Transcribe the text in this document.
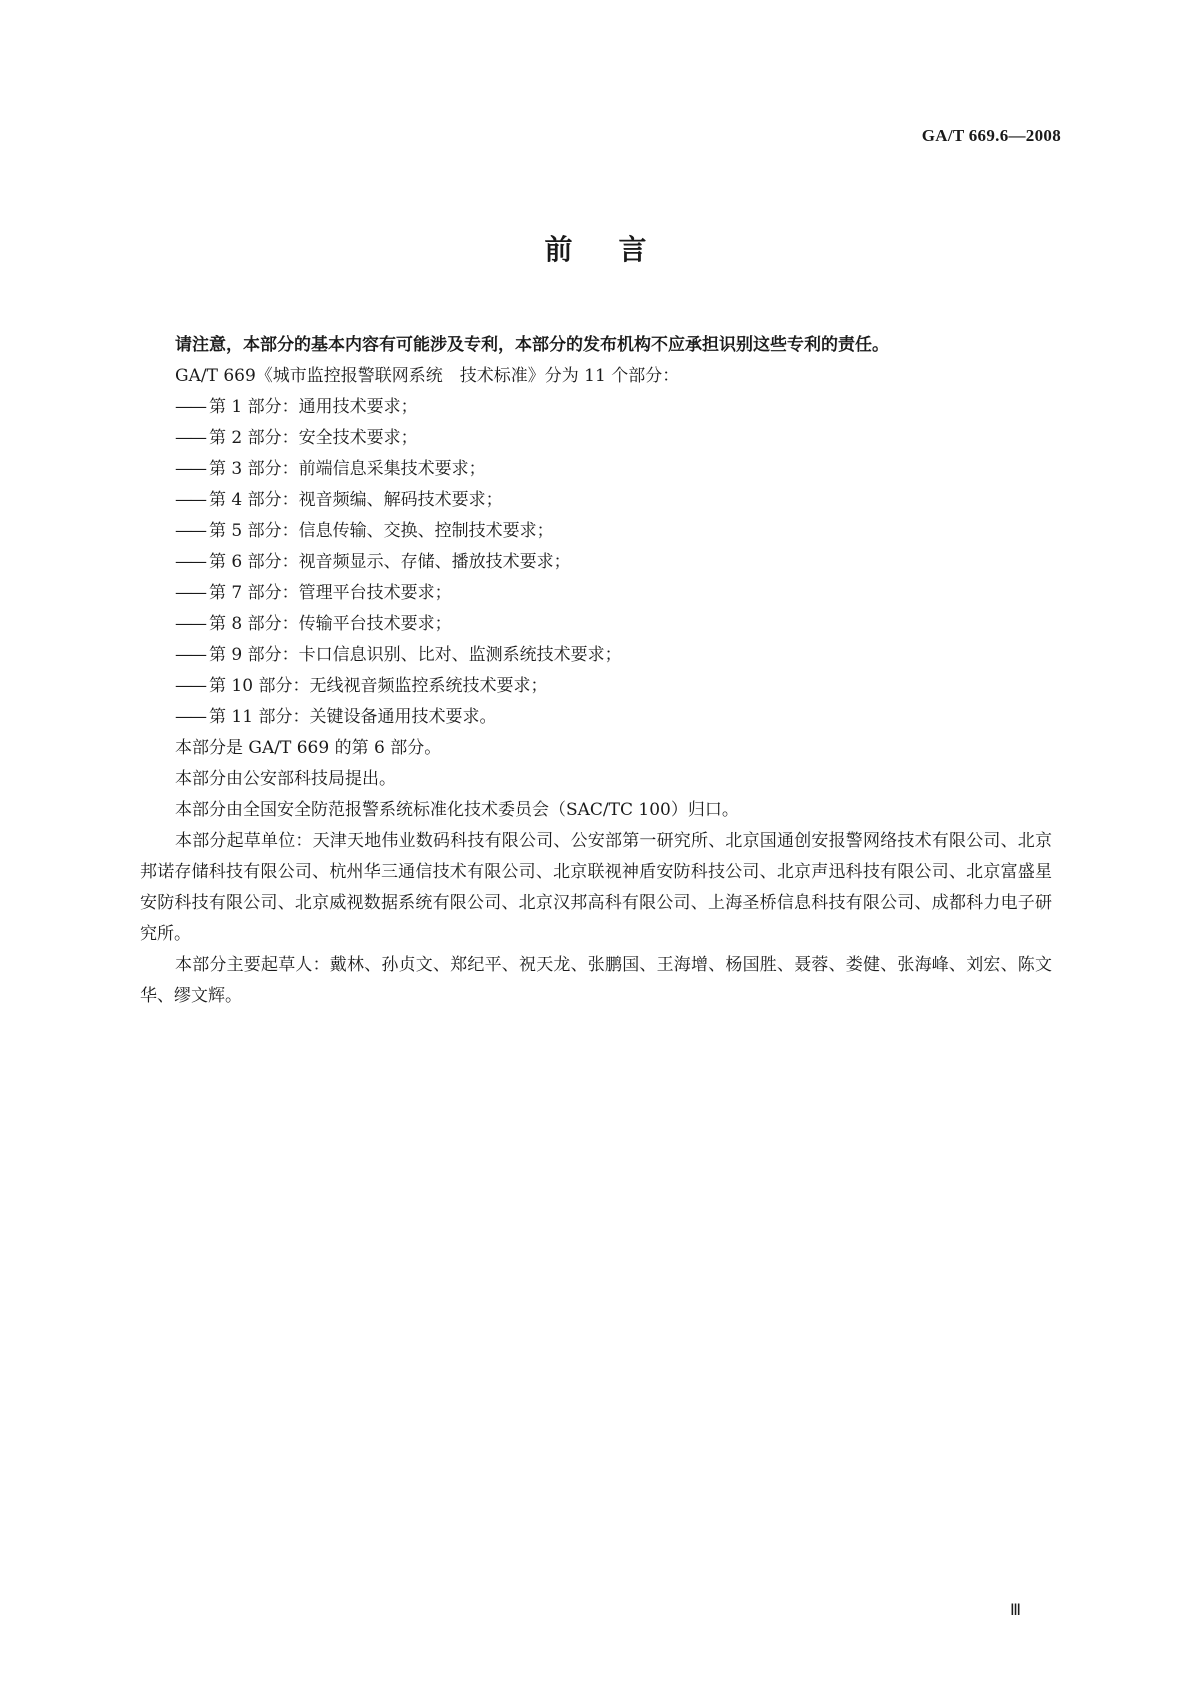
GA/T 669.6—2008
前言

请注意，本部分的基本内容有可能涉及专利，本部分的发布机构不应承担识别这些专利的责任。

GA/T 669《城市监控报警联网系统　技术标准》分为 11 个部分：

—— 第 1 部分：通用技术要求；
—— 第 2 部分：安全技术要求；
—— 第 3 部分：前端信息采集技术要求；
—— 第 4 部分：视音频编、解码技术要求；
—— 第 5 部分：信息传输、交换、控制技术要求；
—— 第 6 部分：视音频显示、存储、播放技术要求；
—— 第 7 部分：管理平台技术要求；
—— 第 8 部分：传输平台技术要求；
—— 第 9 部分：卡口信息识别、比对、监测系统技术要求；
—— 第 10 部分：无线视音频监控系统技术要求；
—— 第 11 部分：关键设备通用技术要求。

本部分是 GA/T 669 的第 6 部分。

本部分由公安部科技局提出。

本部分由全国安全防范报警系统标准化技术委员会（SAC/TC 100）归口。

本部分起草单位：天津天地伟业数码科技有限公司、公安部第一研究所、北京国通创安报警网络技术有限公司、北京邦诺存储科技有限公司、杭州华三通信技术有限公司、北京联视神盾安防科技公司、北京声迅科技有限公司、北京富盛星安防科技有限公司、北京威视数据系统有限公司、北京汉邦高科有限公司、上海圣桥信息科技有限公司、成都科力电子研究所。

本部分主要起草人：戴林、孙贞文、郑纪平、祝天龙、张鹏国、王海增、杨国胜、聂蓉、娄健、张海峰、刘宏、陈文华、缪文辉。

Ⅲ
